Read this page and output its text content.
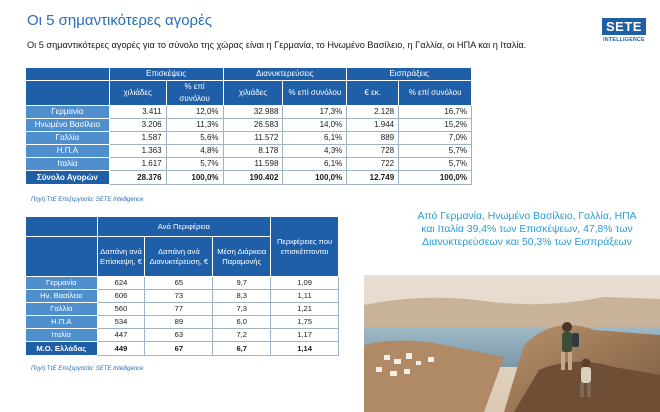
Οι 5 σημαντικότερες αγορές
Οι 5 σημαντικότερες αγορές για το σύνολο της χώρας είναι η Γερμανία, το Ηνωμένο Βασίλειο, η Γαλλία, οι ΗΠΑ και η Ιταλία.
SETE
INTELLIGENCE
	Επισκέψεις		Διανυκτερεύσεις		Εισπράξεις	
	χιλιάδες	% επί συνόλου	χιλιάδες	% επί συνόλου	€ εκ.	% επί συνόλου
Γερμανία	3.411	12,0%	32.988	17,3%	2.128	16,7%
Ηνωμένο Βασίλειο	3.206	11,3%	26.583	14,0%	1.944	15,2%
Γαλλία	1.587	5,6%	11.572	6,1%	889	7,0%
Η.Π.Α	1.363	4,8%	8.178	4,3%	728	5,7%
Ιταλία	1.617	5,7%	11.598	6,1%	722	5,7%
Σύνολο Αγορών	28.376	100,0%	190.402	100,0%	12.749	100,0%
Πηγή:ΤτΕ Επεξεργασία: SETE Intelligence
	Ανά Περιφέρεια			Περιφέρειες που επισκέπτονται
	Δαπάνη ανά Επίσκεψη, €	Δαπάνη ανά Διανυκτέρευση, €	Μέση Διάρκεια Παραμονής	
Γερμανία	624	65	9,7	1,09
Ην. Βασίλειο	606	73	8,3	1,11
Γαλλία	560	77	7,3	1,21
Η.Π.Α	534	89	6,0	1,75
Ιταλία	447	63	7,2	1,17
Μ.Ο. Ελλάδας	449	67	6,7	1,14
Πηγή:ΤτΕ Επεξεργασία: SETE Intelligence
Από Γερμανία, Ηνωμένο Βασίλειο, Γαλλία, ΗΠΑ και Ιταλία 39,4% των Επισκέψεων, 47,8% των Διανυκτερεύσεων και 50,3% των Εισπράξεων
